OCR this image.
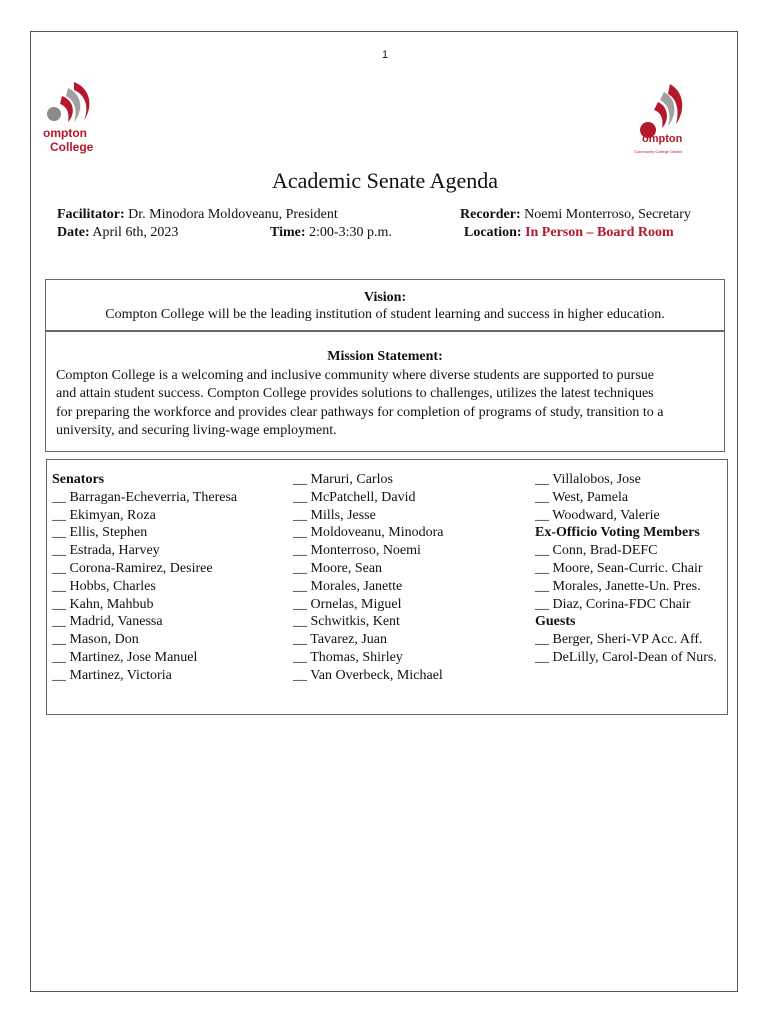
1
ompton
College
ompton
Community College District
Academic Senate Agenda
Facilitator: Dr. Minodora Moldoveanu, President
Date: April 6th, 2023	Time: 2:00-3:30 p.m.
Recorder: Noemi Monterroso, Secretary
Location: In Person – Board Room
Vision:
Compton College will be the leading institution of student learning and success in higher education.
Mission Statement:
Compton College is a welcoming and inclusive community where diverse students are supported to pursue
and attain student success. Compton College provides solutions to challenges, utilizes the latest techniques
for preparing the workforce and provides clear pathways for completion of programs of study, transition to a
university, and securing living-wage employment.
Senators
__ Barragan-Echeverria, Theresa
__ Ekimyan, Roza
__ Ellis, Stephen
__ Estrada, Harvey
__ Corona-Ramirez, Desiree
__ Hobbs, Charles
__ Kahn, Mahbub
__ Madrid, Vanessa
__ Mason, Don
__ Martinez, Jose Manuel
__ Martinez, Victoria
__ Maruri, Carlos
__ McPatchell, David
__ Mills, Jesse
__ Moldoveanu, Minodora
__ Monterroso, Noemi
__ Moore, Sean
__ Morales, Janette
__ Ornelas, Miguel
__ Schwitkis, Kent
__ Tavarez, Juan
__ Thomas, Shirley
__ Van Overbeck, Michael
__ Villalobos, Jose
__ West, Pamela
__ Woodward, Valerie
Ex-Officio Voting Members
__ Conn, Brad-DEFC
__ Moore, Sean-Curric. Chair
__ Morales, Janette-Un. Pres.
__ Diaz, Corina-FDC Chair
Guests
__ Berger, Sheri-VP Acc. Aff.
__ DeLilly, Carol-Dean of Nurs.
